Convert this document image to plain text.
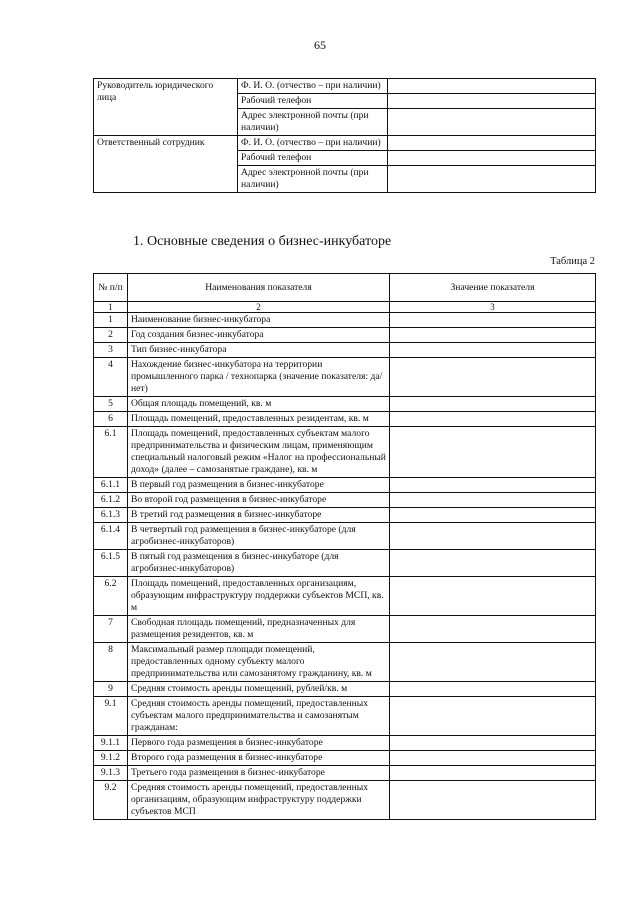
65
Руководитель юридического лица	Ф. И. О. (отчество – при наличии)	
	Рабочий телефон	
	Адрес электронной почты (при наличии)	
Ответственный сотрудник	Ф. И. О. (отчество – при наличии)	
	Рабочий телефон	
	Адрес электронной почты (при наличии)	
1. Основные сведения о бизнес-инкубаторе
Таблица 2
№ п/п	Наименования показателя	Значение показателя
1	2	3
1	Наименование бизнес-инкубатора	
2	Год создания бизнес-инкубатора	
3	Тип бизнес-инкубатора	
4	Нахождение бизнес-инкубатора на территории промышленного парка / технопарка (значение показателя: да/нет)	
5	Общая площадь помещений, кв. м	
6	Площадь помещений, предоставленных резидентам, кв. м	
6.1	Площадь помещений, предоставленных субъектам малого предпринимательства и физическим лицам, применяющим специальный налоговый режим «Налог на профессиональный доход» (далее – самозанятые граждане), кв. м	
6.1.1	В первый год размещения в бизнес-инкубаторе	
6.1.2	Во второй год размещения в бизнес-инкубаторе	
6.1.3	В третий год размещения в бизнес-инкубаторе	
6.1.4	В четвертый год размещения в бизнес-инкубаторе (для агробизнес-инкубаторов)	
6.1.5	В пятый год размещения в бизнес-инкубаторе (для агробизнес-инкубаторов)	
6.2	Площадь помещений, предоставленных организациям, образующим инфраструктуру поддержки субъектов МСП, кв. м	
7	Свободная площадь помещений, предназначенных для размещения резидентов, кв. м	
8	Максимальный размер площади помещений, предоставленных одному субъекту малого предпринимательства или самозанятому гражданину, кв. м	
9	Средняя стоимость аренды помещений, рублей/кв. м	
9.1	Средняя стоимость аренды помещений, предоставленных субъектам малого предпринимательства и самозанятым гражданам:	
9.1.1	Первого года размещения в бизнес-инкубаторе	
9.1.2	Второго года размещения в бизнес-инкубаторе	
9.1.3	Третьего года размещения в бизнес-инкубаторе	
9.2	Средняя стоимость аренды помещений, предоставленных организациям, образующим инфраструктуру поддержки субъектов МСП	
